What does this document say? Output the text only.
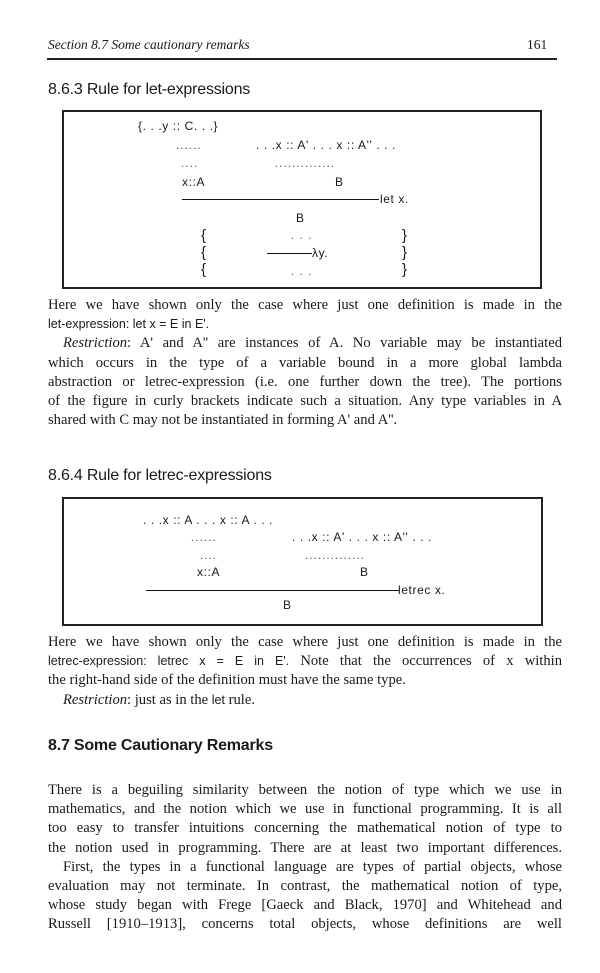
Section 8.7 Some cautionary remarks	161
8.6.3 Rule for let-expressions
{. . .y :: C. . .}
......	. . .x :: A' . . . x :: A'' . . .
....	..............
x::A	B
let x.
B
{
{
{
}
}
}
. . .
λy.
. . .
Here we have shown only the case where just one definition is made in the
let-expression: let x = E in E'.
Restriction: A' and A'' are instances of A. No variable may be instantiated
which occurs in the type of a variable bound in a more global lambda
abstraction or letrec-expression (i.e. one further down the tree). The portions
of the figure in curly brackets indicate such a situation. Any type variables in A
shared with C may not be instantiated in forming A' and A''.
8.6.4 Rule for letrec-expressions
. . .x :: A . . . x :: A . . .
......	. . .x :: A' . . . x :: A'' . . .
....	..............
x::A	B
letrec x.
B
Here we have shown only the case where just one definition is made in the
letrec-expression: letrec x = E in E'. Note that the occurrences of x within
the right-hand side of the definition must have the same type.
Restriction: just as in the let rule.
8.7 Some Cautionary Remarks
There is a beguiling similarity between the notion of type which we use in
mathematics, and the notion which we use in functional programming. It is all
too easy to transfer intuitions concerning the mathematical notion of type to
the notion used in programming. There are at least two important differences.
First, the types in a functional language are types of partial objects, whose
evaluation may not terminate. In contrast, the mathematical notion of type,
whose study began with Frege [Gaeck and Black, 1970] and Whitehead and
Russell [1910–1913], concerns total objects, whose definitions are well
